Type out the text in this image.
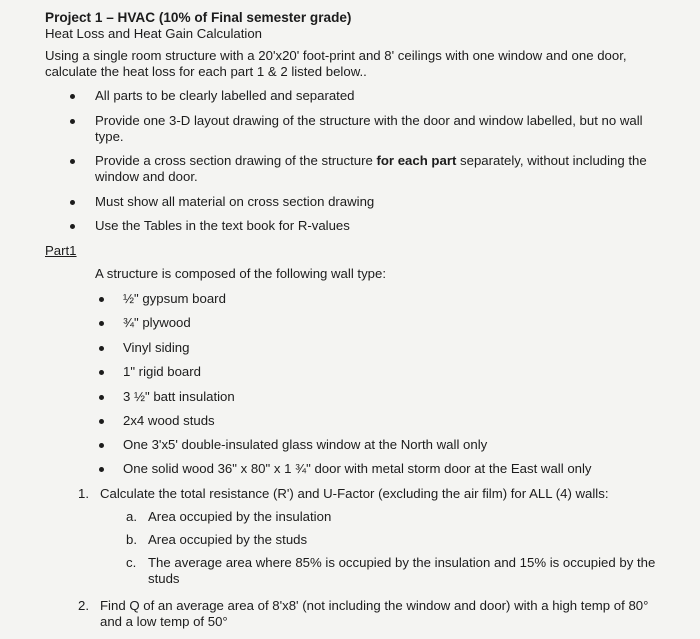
Project 1 – HVAC (10% of Final semester grade)
Heat Loss and Heat Gain Calculation
Using a single room structure with a 20'x20' foot-print and 8' ceilings with one window and one door,
calculate the heat loss for each part 1 & 2 listed below..
All parts to be clearly labelled and separated
Provide one 3-D layout drawing of the structure with the door and window labelled, but no wall
type.
Provide a cross section drawing of the structure for each part separately, without including the
window and door.
Must show all material on cross section drawing
Use the Tables in the text book for R-values
Part1
A structure is composed of the following wall type:
½" gypsum board
¾" plywood
Vinyl siding
1" rigid board
3 ½" batt insulation
2x4 wood studs
One 3'x5' double-insulated glass window at the North wall only
One solid wood 36" x 80" x 1 ¾" door with metal storm door at the East wall only
1. Calculate the total resistance (R') and U-Factor (excluding the air film) for ALL (4) walls:
a. Area occupied by the insulation
b. Area occupied by the studs
c. The average area where 85% is occupied by the insulation and 15% is occupied by the
studs
2. Find Q of an average area of 8'x8' (not including the window and door) with a high temp of 80°
and a low temp of 50°
